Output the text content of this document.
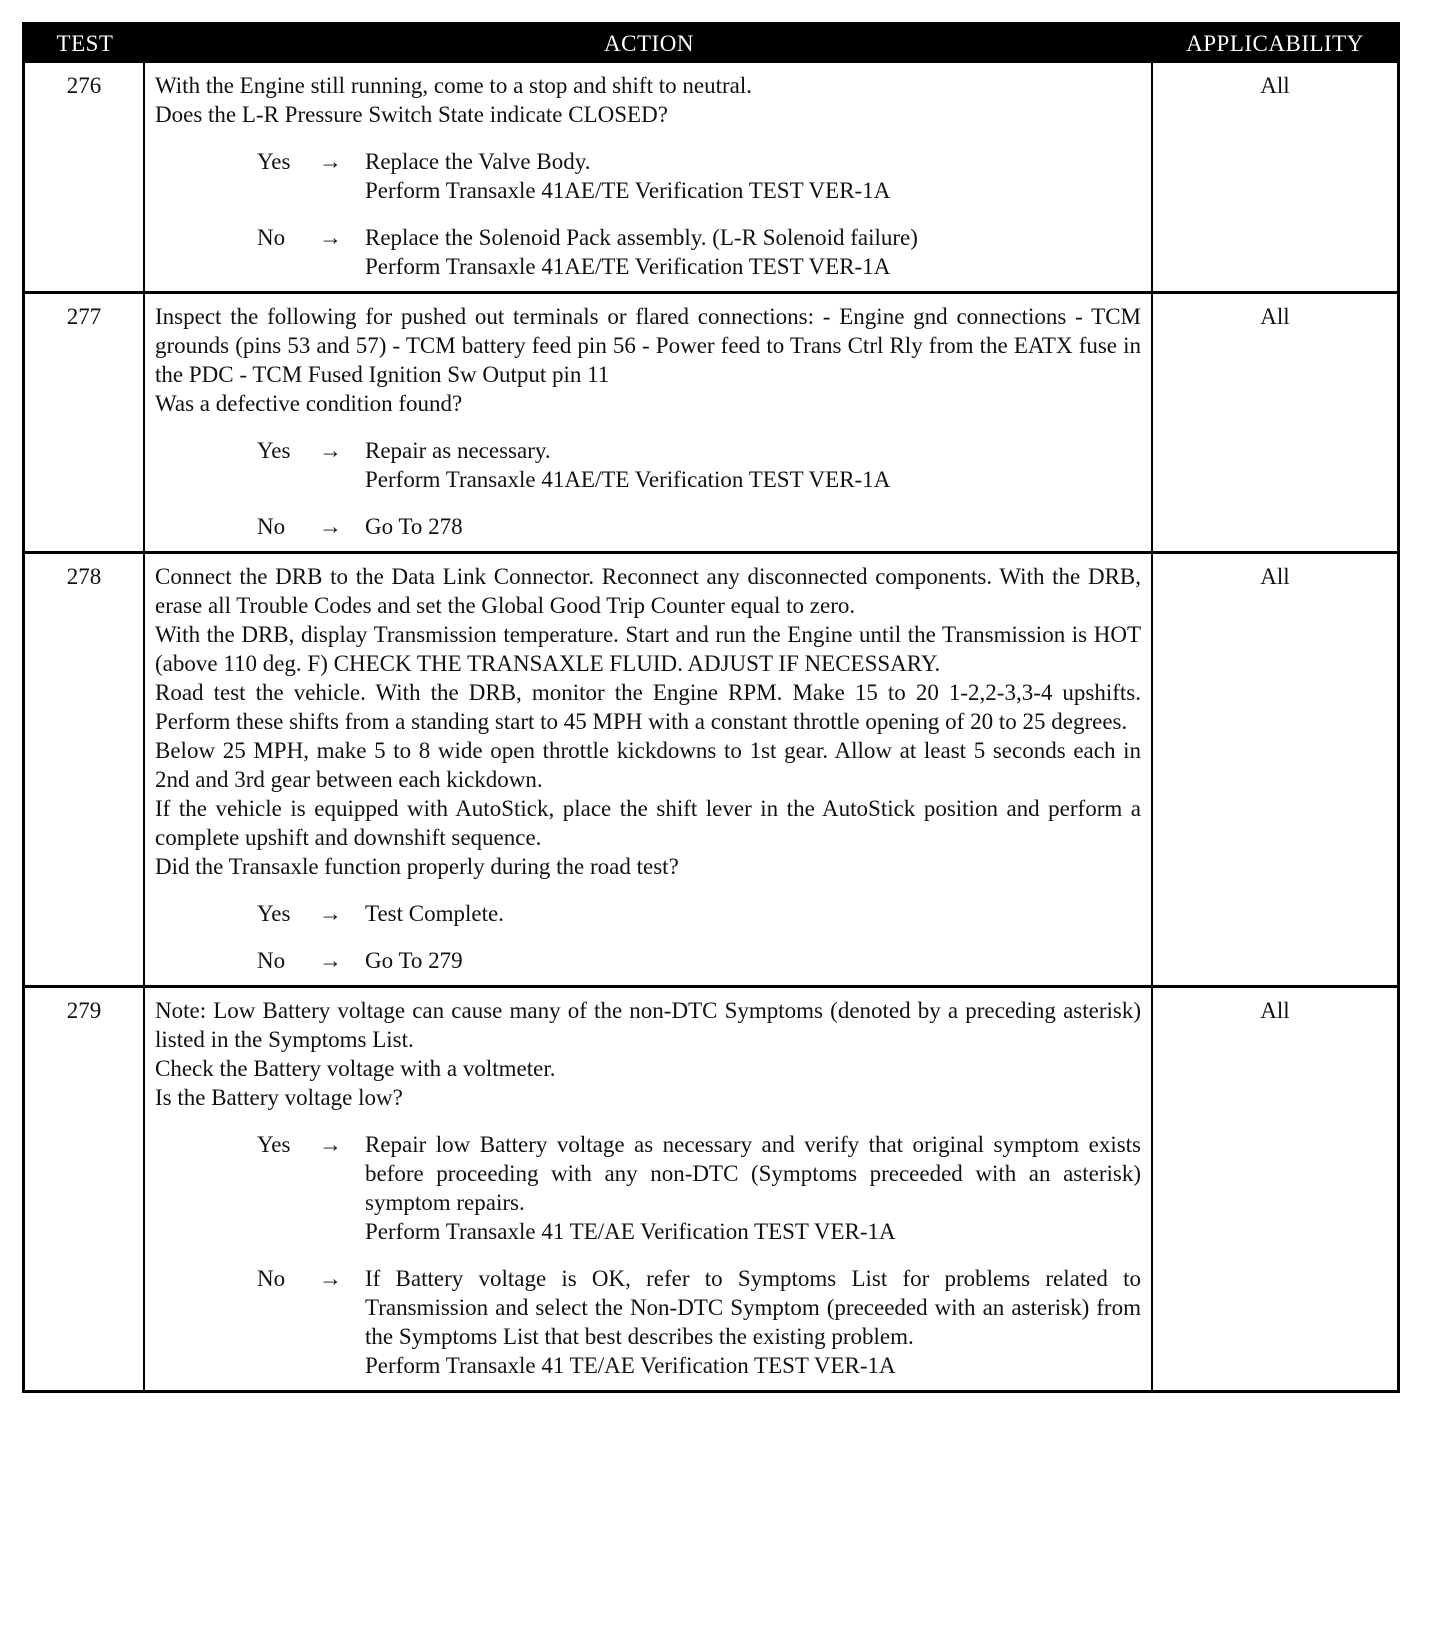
TEST	ACTION	APPLICABILITY
276	With the Engine still running, come to a stop and shift to neutral.
Does the L-R Pressure Switch State indicate CLOSED?
Yes	→	Replace the Valve Body.
Perform Transaxle 41AE/TE Verification TEST VER-1A
No	→	Replace the Solenoid Pack assembly. (L-R Solenoid failure)
Perform Transaxle 41AE/TE Verification TEST VER-1A
All
277	Inspect the following for pushed out terminals or flared connections: - Engine gnd connections - TCM grounds (pins 53 and 57) - TCM battery feed pin 56 - Power feed to Trans Ctrl Rly from the EATX fuse in the PDC - TCM Fused Ignition Sw Output pin 11
Was a defective condition found?
Yes	→	Repair as necessary.
Perform Transaxle 41AE/TE Verification TEST VER-1A
No	→	Go To 278
All
278	Connect the DRB to the Data Link Connector. Reconnect any disconnected components. With the DRB, erase all Trouble Codes and set the Global Good Trip Counter equal to zero.
With the DRB, display Transmission temperature. Start and run the Engine until the Transmission is HOT (above 110 deg. F) CHECK THE TRANSAXLE FLUID. ADJUST IF NECESSARY.
Road test the vehicle. With the DRB, monitor the Engine RPM. Make 15 to 20 1-2,2-3,3-4 upshifts. Perform these shifts from a standing start to 45 MPH with a constant throttle opening of 20 to 25 degrees.
Below 25 MPH, make 5 to 8 wide open throttle kickdowns to 1st gear. Allow at least 5 seconds each in 2nd and 3rd gear between each kickdown.
If the vehicle is equipped with AutoStick, place the shift lever in the AutoStick position and perform a complete upshift and downshift sequence.
Did the Transaxle function properly during the road test?
Yes	→	Test Complete.
No	→	Go To 279
All
279	Note: Low Battery voltage can cause many of the non-DTC Symptoms (denoted by a preceding asterisk) listed in the Symptoms List.
Check the Battery voltage with a voltmeter.
Is the Battery voltage low?
Yes	→	Repair low Battery voltage as necessary and verify that original symptom exists before proceeding with any non-DTC (Symptoms preceeded with an asterisk) symptom repairs.
Perform Transaxle 41 TE/AE Verification TEST VER-1A
No	→	If Battery voltage is OK, refer to Symptoms List for problems related to Transmission and select the Non-DTC Symptom (preceeded with an asterisk) from the Symptoms List that best describes the existing problem.
Perform Transaxle 41 TE/AE Verification TEST VER-1A
All
